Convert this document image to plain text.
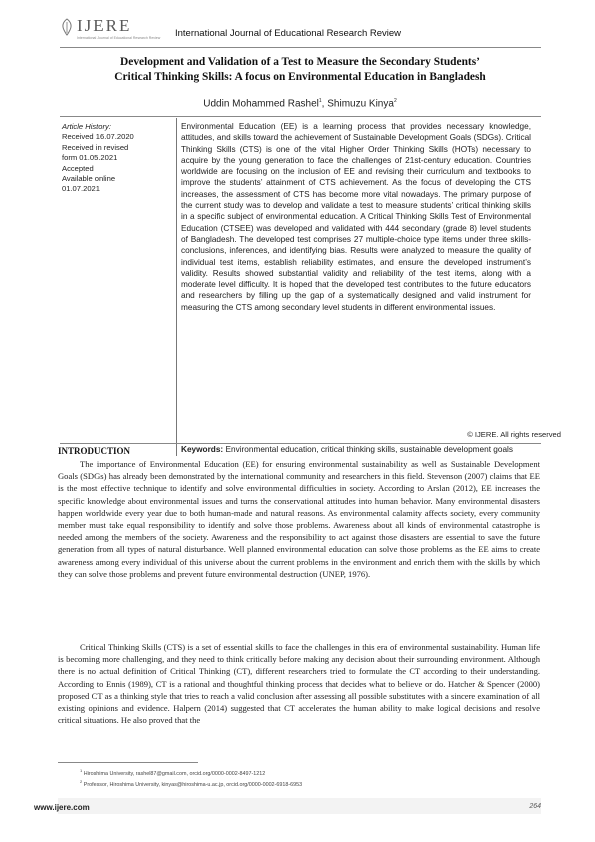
IJERE
International Journal of Educational Research Review International Journal of Educational Research Review
Development and Validation of a Test to Measure the Secondary Students’
Critical Thinking Skills: A focus on Environmental Education in Bangladesh
Uddin Mohammed Rashel$^1$, Shimuzu Kinya$^2$
Article History:
Received 16.07.2020
Received in revised
form 01.05.2021
Accepted
Available online
01.07.2021
Environmental Education (EE) is a learning process that provides necessary knowledge, attitudes, and skills toward the achievement of Sustainable Development Goals (SDGs). Critical Thinking Skills (CTS) is one of the vital Higher Order Thinking Skills (HOTs) necessary to acquire by the young generation to face the challenges of 21st-century education. Countries worldwide are focusing on the inclusion of EE and revising their curriculum and textbooks to improve the students’ attainment of CTS achievement. As the focus of developing the CTS increases, the assessment of CTS has become more vital nowadays. The primary purpose of the current study was to develop and validate a test to measure students’ critical thinking skills in a specific subject of environmental education. A Critical Thinking Skills Test of Environmental Education (CTSEE) was developed and validated with 444 secondary (grade 8) level students of Bangladesh. The developed test comprises 27 multiple-choice type items under three skills-conclusions, inferences, and identifying bias. Results were analyzed to measure the quality of individual test items, establish reliability estimates, and ensure the developed instrument’s validity. Results showed substantial validity and reliability of the test items, along with a moderate level difficulty. It is hoped that the developed test contributes to the future educators and researchers by filling up the gap of a systematically designed and valid instrument for measuring the CTS among secondary level students in different environmental issues.
© IJERE. All rights reserved
Keywords: Environmental education, critical thinking skills, sustainable development goals
INTRODUCTION
The importance of Environmental Education (EE) for ensuring environmental sustainability as well as Sustainable Development Goals (SDGs) has already been demonstrated by the international community and researchers in this field. Stevenson (2007) claims that EE is the most effective technique to identify and solve environmental difficulties in society. According to Arslan (2012), EE increases the specific knowledge about environmental issues and turns the conservational attitudes into human behavior. Many environmental disasters happen worldwide every year due to both human-made and natural reasons. As environmental calamity affects society, every community member must take equal responsibility to identify and solve those problems. Awareness about all kinds of environmental catastrophe is needed among the members of the society. Awareness and the responsibility to act against those disasters are essential to save the future generation from all types of natural disturbance. Well planned environmental education can solve those problems as the EE aims to create awareness among every individual of this universe about the current problems in the environment and enrich them with the skills by which they can solve those problems and prevent future environmental destruction (UNEP, 1976).
Critical Thinking Skills (CTS) is a set of essential skills to face the challenges in this era of environmental sustainability. Human life is becoming more challenging, and they need to think critically before making any decision about their surrounding environment. Although there is no actual definition of Critical Thinking (CT), different researchers tried to formulate the CT according to their understanding. According to Ennis (1989), CT is a rational and thoughtful thinking process that decides what to believe or do. Hatcher & Spencer (2000) proposed CT as a thinking style that tries to reach a valid conclusion after assessing all possible substitutes with a sincere examination of all existing opinions and evidence. Halpern (2014) suggested that CT accelerates the human ability to make logical decisions and resolve critical situations. He also proved that the
$^1$ Hiroshima University, rashel87@gmail.com, orcid.org/0000-0002-8497-1212
$^2$ Professor, Hiroshima University, kinyas@hiroshima-u.ac.jp, orcid.org/0000-0002-6918-6953
www.ijere.com	264
